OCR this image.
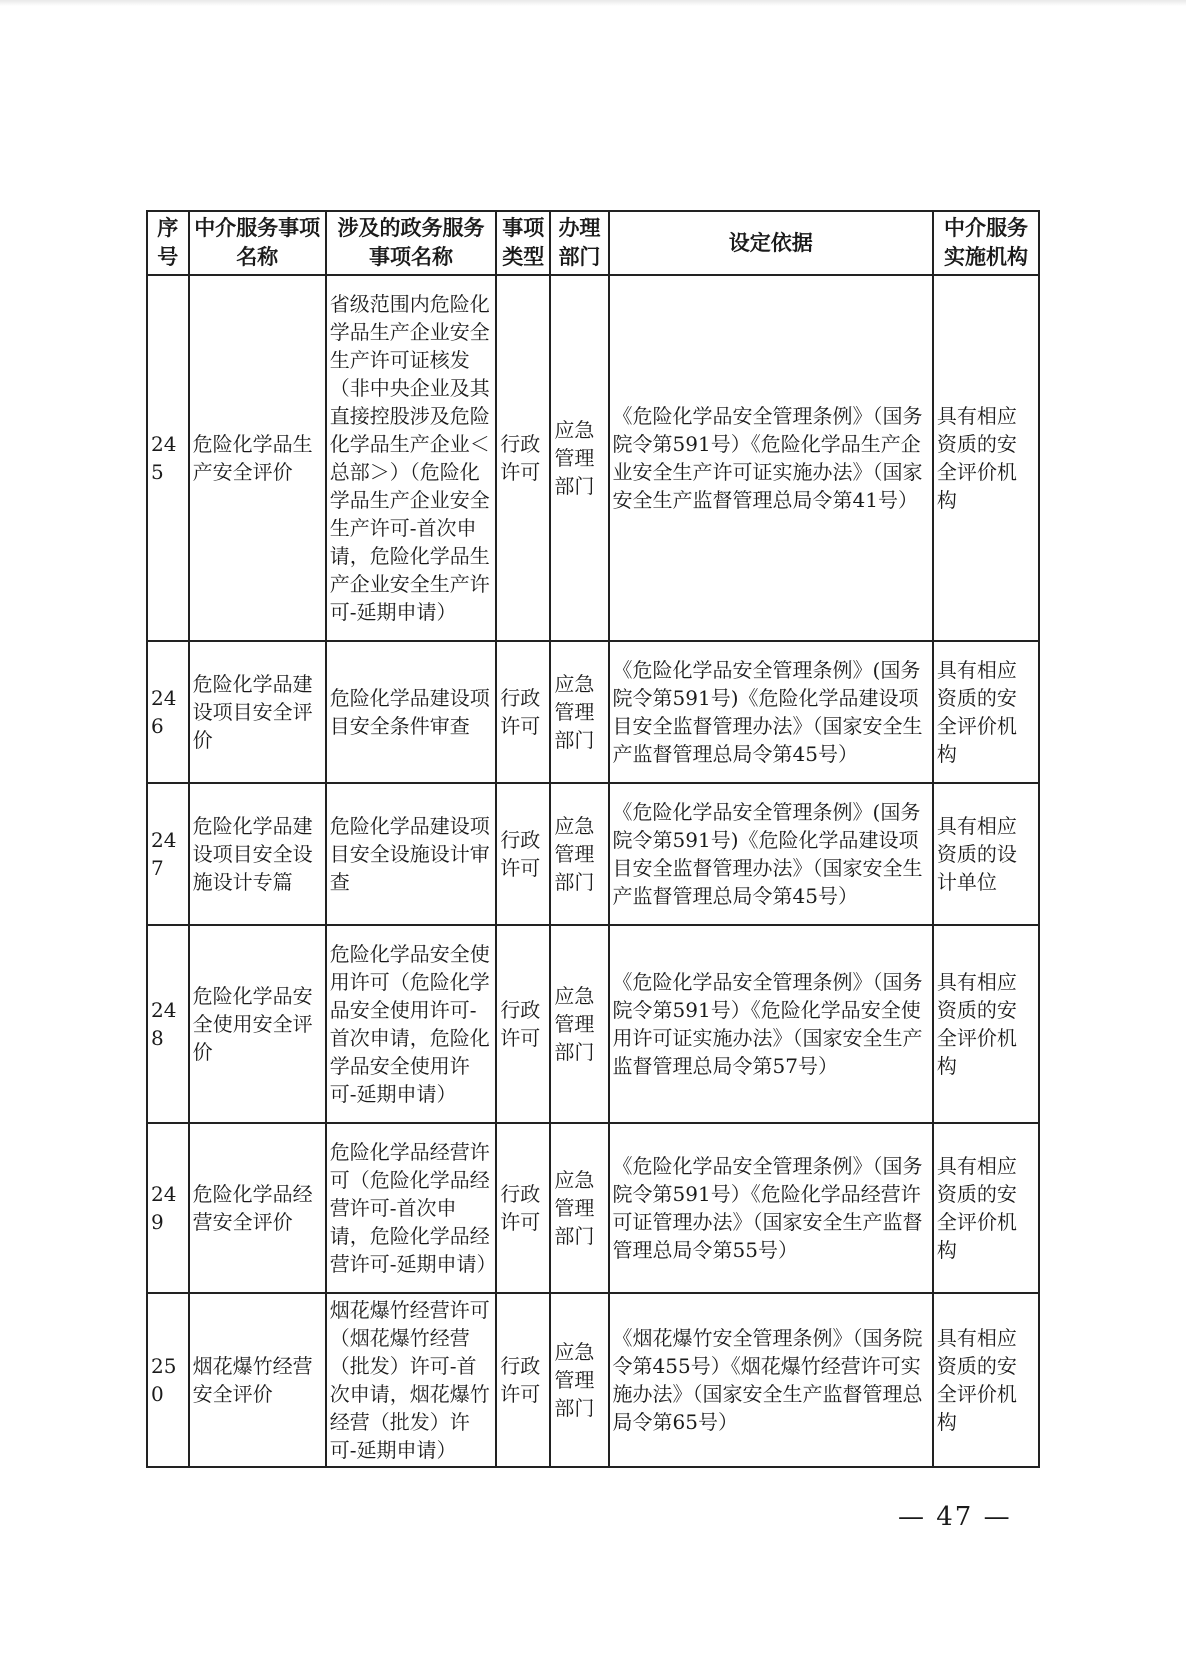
序号	中介服务事项名称	涉及的政务服务事项名称	事项类型	办理部门	设定依据	中介服务实施机构
245	危险化学品生产安全评价	省级范围内危险化学品生产企业安全生产许可证核发（非中央企业及其直接控股涉及危险化学品生产企业＜总部＞）（危险化学品生产企业安全生产许可-首次申请，危险化学品生产企业安全生产许可-延期申请）	行政许可	应急管理部门	《危险化学品安全管理条例》（国务院令第591号）《危险化学品生产企业安全生产许可证实施办法》（国家安全生产监督管理总局令第41号）	具有相应资质的安全评价机构
246	危险化学品建设项目安全评价	危险化学品建设项目安全条件审查	行政许可	应急管理部门	《危险化学品安全管理条例》(国务院令第591号)《危险化学品建设项目安全监督管理办法》（国家安全生产监督管理总局令第45号）	具有相应资质的安全评价机构
247	危险化学品建设项目安全设施设计专篇	危险化学品建设项目安全设施设计审查	行政许可	应急管理部门	《危险化学品安全管理条例》(国务院令第591号)《危险化学品建设项目安全监督管理办法》（国家安全生产监督管理总局令第45号）	具有相应资质的设计单位
248	危险化学品安全使用安全评价	危险化学品安全使用许可（危险化学品安全使用许可-首次申请，危险化学品安全使用许可-延期申请）	行政许可	应急管理部门	《危险化学品安全管理条例》（国务院令第591号）《危险化学品安全使用许可证实施办法》（国家安全生产监督管理总局令第57号）	具有相应资质的安全评价机构
249	危险化学品经营安全评价	危险化学品经营许可（危险化学品经营许可-首次申请，危险化学品经营许可-延期申请）	行政许可	应急管理部门	《危险化学品安全管理条例》（国务院令第591号）《危险化学品经营许可证管理办法》（国家安全生产监督管理总局令第55号）	具有相应资质的安全评价机构
250	烟花爆竹经营安全评价	烟花爆竹经营许可（烟花爆竹经营（批发）许可-首次申请，烟花爆竹经营（批发）许可-延期申请）	行政许可	应急管理部门	《烟花爆竹安全管理条例》（国务院令第455号）《烟花爆竹经营许可实施办法》（国家安全生产监督管理总局令第65号）	具有相应资质的安全评价机构
— 47 —
